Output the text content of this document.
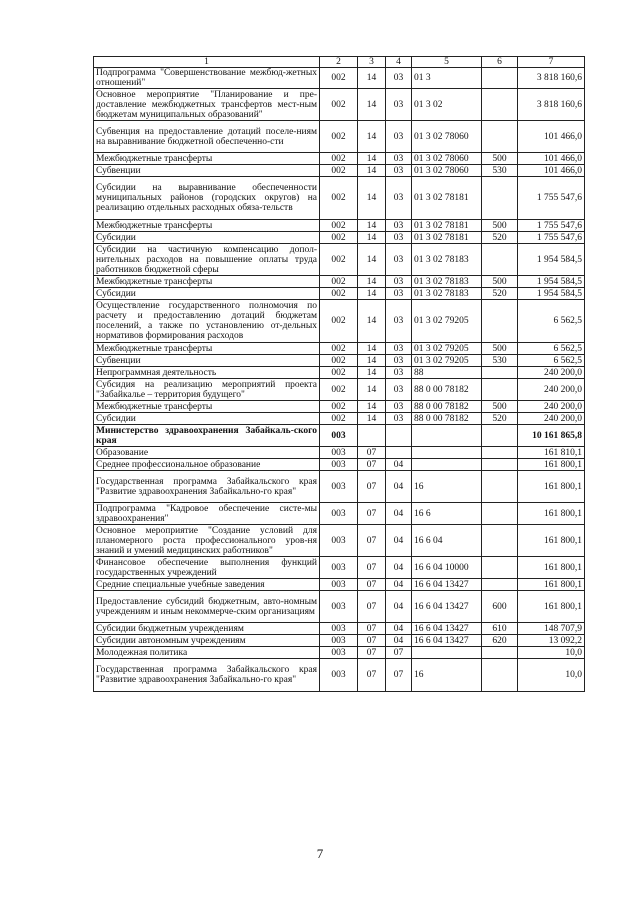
1	2	3	4	5	6	7
Подпрограмма "Совершенствование межбюд-жетных отношений"	002	14	03	01 3		3 818 160,6
Основное мероприятие "Планирование и пре-доставление межбюджетных трансфертов мест-ным бюджетам муниципальных образований"	002	14	03	01 3 02		3 818 160,6
Субвенция на предоставление дотаций поселе-ниям на выравнивание бюджетной обеспеченно-сти	002	14	03	01 3 02 78060		101 466,0
Межбюджетные трансферты	002	14	03	01 3 02 78060	500	101 466,0
Субвенции	002	14	03	01 3 02 78060	530	101 466,0
Субсидии на выравнивание обеспеченности муниципальных районов (городских округов) на реализацию отдельных расходных обяза-тельств	002	14	03	01 3 02 78181		1 755 547,6
Межбюджетные трансферты	002	14	03	01 3 02 78181	500	1 755 547,6
Субсидии	002	14	03	01 3 02 78181	520	1 755 547,6
Субсидии на частичную компенсацию допол-нительных расходов на повышение оплаты труда работников бюджетной сферы	002	14	03	01 3 02 78183		1 954 584,5
Межбюджетные трансферты	002	14	03	01 3 02 78183	500	1 954 584,5
Субсидии	002	14	03	01 3 02 78183	520	1 954 584,5
Осуществление государственного полномочия по расчету и предоставлению дотаций бюджетам поселений, а также по установлению от-дельных нормативов формирования расходов	002	14	03	01 3 02 79205		6 562,5
Межбюджетные трансферты	002	14	03	01 3 02 79205	500	6 562,5
Субвенции	002	14	03	01 3 02 79205	530	6 562,5
Непрограммная деятельность	002	14	03	88		240 200,0
Субсидия на реализацию мероприятий проекта "Забайкалье – территория будущего"	002	14	03	88 0 00 78182		240 200,0
Межбюджетные трансферты	002	14	03	88 0 00 78182	500	240 200,0
Субсидии	002	14	03	88 0 00 78182	520	240 200,0
Министерство здравоохранения Забайкаль-ского края	003					10 161 865,8
Образование	003	07				161 810,1
Среднее профессиональное образование	003	07	04			161 800,1
Государственная программа Забайкальского края "Развитие здравоохранения Забайкально-го края"	003	07	04	16		161 800,1
Подпрограмма "Кадровое обеспечение систе-мы здравоохранения"	003	07	04	16 6		161 800,1
Основное мероприятие "Создание условий для планомерного роста профессионального уров-ня знаний и умений медицинских работников"	003	07	04	16 6 04		161 800,1
Финансовое обеспечение выполнения функций государственных учреждений	003	07	04	16 6 04 10000		161 800,1
Средние специальные учебные заведения	003	07	04	16 6 04 13427		161 800,1
Предоставление субсидий бюджетным, авто-номным учреждениям и иным некоммерче-ским организациям	003	07	04	16 6 04 13427	600	161 800,1
Субсидии бюджетным учреждениям	003	07	04	16 6 04 13427	610	148 707,9
Субсидии автономным учреждениям	003	07	04	16 6 04 13427	620	13 092,2
Молодежная политика	003	07	07			10,0
Государственная программа Забайкальского края "Развитие здравоохранения Забайкально-го края"	003	07	07	16		10,0
7
